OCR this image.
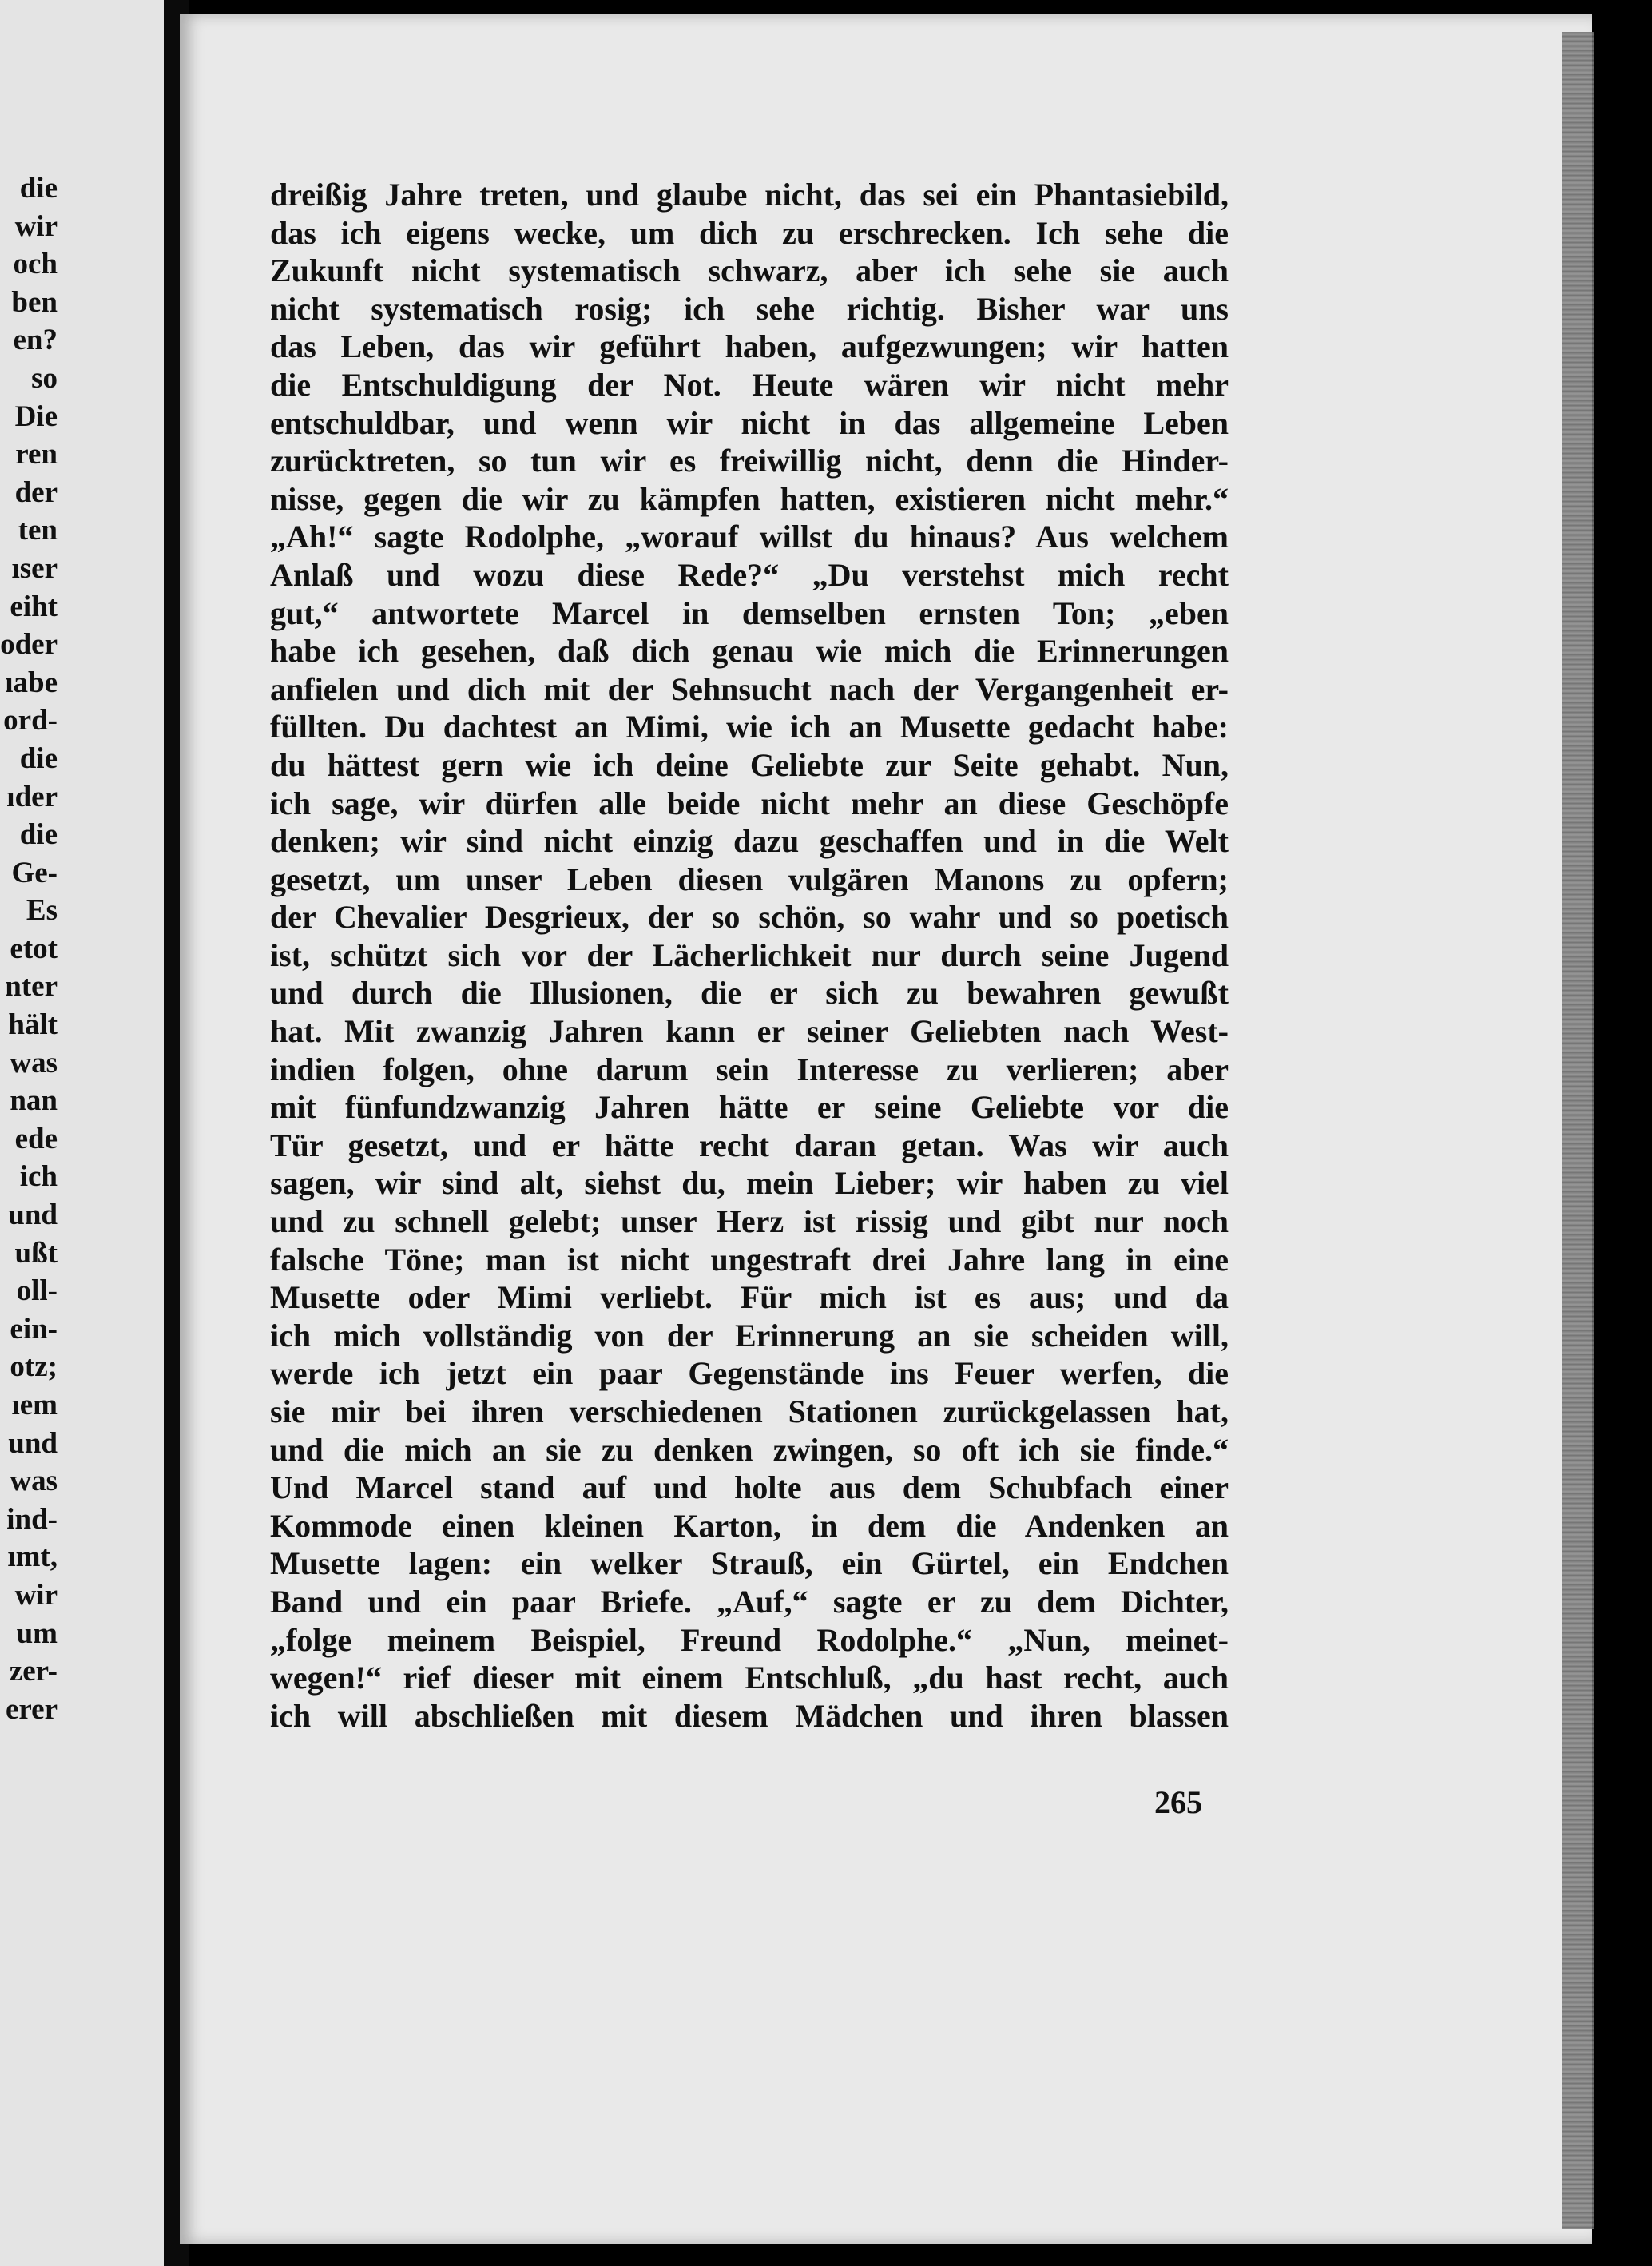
die
wir
och
ben
en?
so
Die
ren
der
ten
ıser
eiht
oder
ıabe
ord-
die
ıder
die
Ge-
Es
etot
nter
hält
was
nan
ede
ich
und
ußt
oll-
ein-
otz;
ıem
und
was
ind-
ımt,
wir
um
zer-
erer
dreißig Jahre treten, und glaube nicht, das sei ein Phantasiebild,
das ich eigens wecke, um dich zu erschrecken. Ich sehe die
Zukunft nicht systematisch schwarz, aber ich sehe sie auch
nicht systematisch rosig; ich sehe richtig. Bisher war uns
das Leben, das wir geführt haben, aufgezwungen; wir hatten
die Entschuldigung der Not. Heute wären wir nicht mehr
entschuldbar, und wenn wir nicht in das allgemeine Leben
zurücktreten, so tun wir es freiwillig nicht, denn die Hinder-
nisse, gegen die wir zu kämpfen hatten, existieren nicht mehr.“
„Ah!“ sagte Rodolphe, „worauf willst du hinaus? Aus welchem
Anlaß und wozu diese Rede?“ „Du verstehst mich recht
gut,“ antwortete Marcel in demselben ernsten Ton; „eben
habe ich gesehen, daß dich genau wie mich die Erinnerungen
anfielen und dich mit der Sehnsucht nach der Vergangenheit er-
füllten. Du dachtest an Mimi, wie ich an Musette gedacht habe:
du hättest gern wie ich deine Geliebte zur Seite gehabt. Nun,
ich sage, wir dürfen alle beide nicht mehr an diese Geschöpfe
denken; wir sind nicht einzig dazu geschaffen und in die Welt
gesetzt, um unser Leben diesen vulgären Manons zu opfern;
der Chevalier Desgrieux, der so schön, so wahr und so poetisch
ist, schützt sich vor der Lächerlichkeit nur durch seine Jugend
und durch die Illusionen, die er sich zu bewahren gewußt
hat. Mit zwanzig Jahren kann er seiner Geliebten nach West-
indien folgen, ohne darum sein Interesse zu verlieren; aber
mit fünfundzwanzig Jahren hätte er seine Geliebte vor die
Tür gesetzt, und er hätte recht daran getan. Was wir auch
sagen, wir sind alt, siehst du, mein Lieber; wir haben zu viel
und zu schnell gelebt; unser Herz ist rissig und gibt nur noch
falsche Töne; man ist nicht ungestraft drei Jahre lang in eine
Musette oder Mimi verliebt. Für mich ist es aus; und da
ich mich vollständig von der Erinnerung an sie scheiden will,
werde ich jetzt ein paar Gegenstände ins Feuer werfen, die
sie mir bei ihren verschiedenen Stationen zurückgelassen hat,
und die mich an sie zu denken zwingen, so oft ich sie finde.“
Und Marcel stand auf und holte aus dem Schubfach einer
Kommode einen kleinen Karton, in dem die Andenken an
Musette lagen: ein welker Strauß, ein Gürtel, ein Endchen
Band und ein paar Briefe. „Auf,“ sagte er zu dem Dichter,
„folge meinem Beispiel, Freund Rodolphe.“ „Nun, meinet-
wegen!“ rief dieser mit einem Entschluß, „du hast recht, auch
ich will abschließen mit diesem Mädchen und ihren blassen
265
